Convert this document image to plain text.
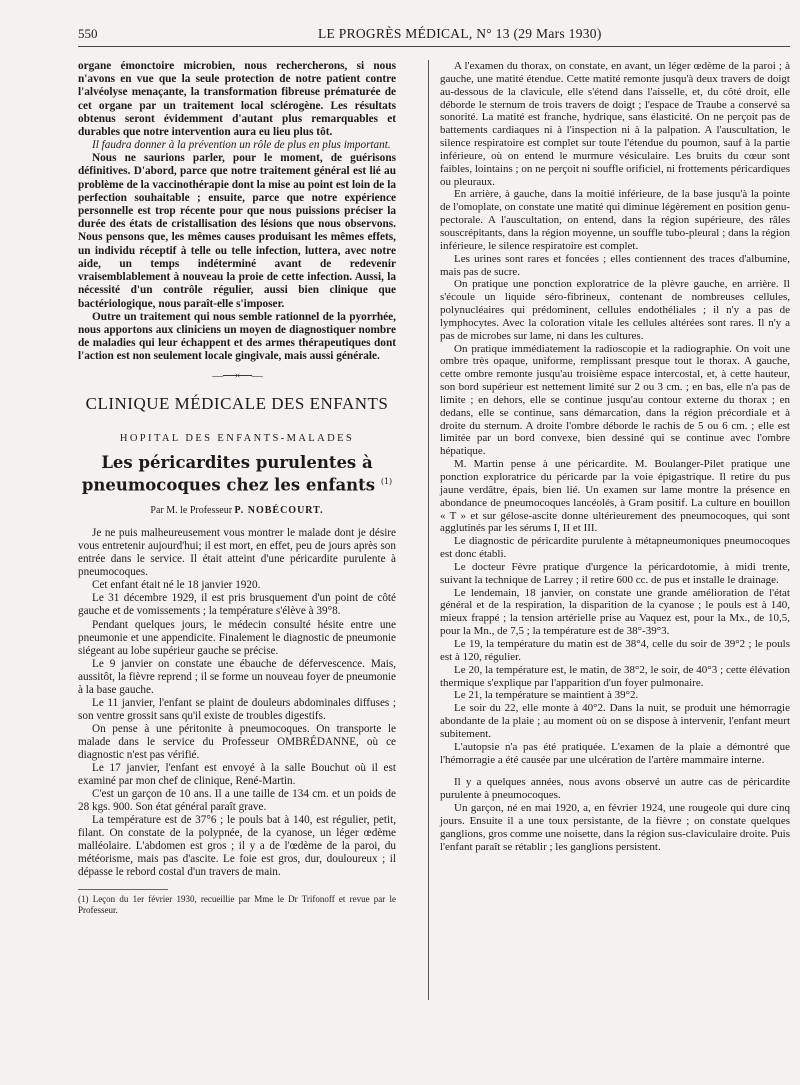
550	LE PROGRÈS MÉDICAL, N° 13 (29 Mars 1930)

organe émonctoire microbien, nous rechercherons, si nous n'avons en vue que la seule protection de notre patient contre l'alvéolyse menaçante, la transformation fibreuse prématurée de cet organe par un traitement local sclérogène. Les résultats obtenus seront évidemment d'autant plus remarquables et durables que notre intervention aura eu lieu plus tôt.

Il faudra donner à la prévention un rôle de plus en plus important.

Nous ne saurions parler, pour le moment, de guérisons définitives. D'abord, parce que notre traitement général est lié au problème de la vaccinothérapie dont la mise au point est loin de la perfection souhaitable ; ensuite, parce que notre expérience personnelle est trop récente pour que nous puissions préciser la durée des états de cristallisation des lésions que nous observons. Nous pensons que, les mêmes causes produisant les mêmes effets, un individu réceptif à telle ou telle infection, luttera, avec notre aide, un temps indéterminé avant de redevenir vraisemblablement à nouveau la proie de cette infection. Aussi, la nécessité d'un contrôle régulier, aussi bien clinique que bactériologique, nous paraît-elle s'imposer.

Outre un traitement qui nous semble rationnel de la pyorrhée, nous apportons aux cliniciens un moyen de diagnostiquer nombre de maladies qui leur échappent et des armes thérapeutiques dont l'action est non seulement locale gingivale, mais aussi générale.

—⟶⟵—
CLINIQUE MÉDICALE DES ENFANTS
HOPITAL DES ENFANTS-MALADES
Les péricardites purulentes à pneumocoques chez les enfants $^{(1)}$
Par M. le Professeur P. NOBÉCOURT.

Je ne puis malheureusement vous montrer le malade dont je désire vous entretenir aujourd'hui; il est mort, en effet, peu de jours après son entrée dans le service. Il était atteint d'une péricardite purulente à pneumocoques.

Cet enfant était né le 18 janvier 1920.

Le 31 décembre 1929, il est pris brusquement d'un point de côté gauche et de vomissements ; la température s'élève à 39°8.

Pendant quelques jours, le médecin consulté hésite entre une pneumonie et une appendicite. Finalement le diagnostic de pneumonie siégeant au lobe supérieur gauche se précise.

Le 9 janvier on constate une ébauche de défervescence. Mais, aussitôt, la fièvre reprend ; il se forme un nouveau foyer de pneumonie à la base gauche.

Le 11 janvier, l'enfant se plaint de douleurs abdominales diffuses ; son ventre grossit sans qu'il existe de troubles digestifs.

On pense à une péritonite à pneumocoques. On transporte le malade dans le service du Professeur OMBRÉDANNE, où ce diagnostic n'est pas vérifié.

Le 17 janvier, l'enfant est envoyé à la salle Bouchut où il est examiné par mon chef de clinique, René-Martin.

C'est un garçon de 10 ans. Il a une taille de 134 cm. et un poids de 28 kgs. 900. Son état général paraît grave.

La température est de 37°6 ; le pouls bat à 140, est régulier, petit, filant. On constate de la polypnée, de la cyanose, un léger œdème malléolaire. L'abdomen est gros ; il y a de l'œdème de la paroi, du météorisme, mais pas d'ascite. Le foie est gros, dur, douloureux ; il dépasse le rebord costal d'un travers de main.

(1) Leçon du 1er février 1930, recueillie par Mme le Dr Trifonoff et revue par le Professeur.

A l'examen du thorax, on constate, en avant, un léger œdème de la paroi ; à gauche, une matité étendue. Cette matité remonte jusqu'à deux travers de doigt au-dessous de la clavicule, elle s'étend dans l'aisselle, et, du côté droit, elle déborde le sternum de trois travers de doigt ; l'espace de Traube a conservé sa sonorité. La matité est franche, hydrique, sans élasticité. On ne perçoit pas de battements cardiaques ni à l'inspection ni à la palpation. A l'auscultation, le silence respiratoire est complet sur toute l'étendue du poumon, sauf à la partie inférieure, où on entend le murmure vésiculaire. Les bruits du cœur sont faibles, lointains ; on ne perçoit ni souffle orificiel, ni frottements péricardiques ou pleuraux.

En arrière, à gauche, dans la moitié inférieure, de la base jusqu'à la pointe de l'omoplate, on constate une matité qui diminue légèrement en position genu-pectorale. A l'auscultation, on entend, dans la région supérieure, des râles souscrépitants, dans la région moyenne, un souffle tubo-pleural ; dans la région inférieure, le silence respiratoire est complet.

Les urines sont rares et foncées ; elles contiennent des traces d'albumine, mais pas de sucre.

On pratique une ponction exploratrice de la plèvre gauche, en arrière. Il s'écoule un liquide séro-fibrineux, contenant de nombreuses cellules, polynucléaires qui prédominent, cellules endothéliales ; il n'y a pas de lymphocytes. Avec la coloration vitale les cellules altérées sont rares. Il n'y a pas de microbes sur lame, ni dans les cultures.

On pratique immédiatement la radioscopie et la radiographie. On voit une ombre très opaque, uniforme, remplissant presque tout le thorax. A gauche, cette ombre remonte jusqu'au troisième espace intercostal, et, à cette hauteur, son bord supérieur est nettement limité sur 2 ou 3 cm. ; en bas, elle n'a pas de limite ; en dehors, elle se continue jusqu'au contour externe du thorax ; en dedans, elle se continue, sans démarcation, dans la région précordiale et à droite du sternum. A droite l'ombre déborde le rachis de 5 ou 6 cm. ; elle est limitée par un bord convexe, bien dessiné qui se continue avec l'ombre hépatique.

M. Martin pense à une péricardite. M. Boulanger-Pilet pratique une ponction exploratrice du péricarde par la voie épigastrique. Il retire du pus jaune verdâtre, épais, bien lié. Un examen sur lame montre la présence en abondance de pneumocoques lancéolés, à Gram positif. La culture en bouillon « T » et sur gélose-ascite donne ultérieurement des pneumocoques, qui sont agglutinés par les sérums I, II et III.

Le diagnostic de péricardite purulente à métapneumoniques pneumocoques est donc établi.

Le docteur Fèvre pratique d'urgence la péricardotomie, à midi trente, suivant la technique de Larrey ; il retire 600 cc. de pus et installe le drainage.

Le lendemain, 18 janvier, on constate une grande amélioration de l'état général et de la respiration, la disparition de la cyanose ; le pouls est à 140, mieux frappé ; la tension artérielle prise au Vaquez est, pour la Mx., de 10,5, pour la Mn., de 7,5 ; la température est de 38°-39°3.

Le 19, la température du matin est de 38°4, celle du soir de 39°2 ; le pouls est à 120, régulier.

Le 20, la température est, le matin, de 38°2, le soir, de 40°3 ; cette élévation thermique s'explique par l'apparition d'un foyer pulmonaire.

Le 21, la température se maintient à 39°2.

Le soir du 22, elle monte à 40°2. Dans la nuit, se produit une hémorragie abondante de la plaie ; au moment où on se dispose à intervenir, l'enfant meurt subitement.

L'autopsie n'a pas été pratiquée. L'examen de la plaie a démontré que l'hémorragie a été causée par une ulcération de l'artère mammaire interne.

Il y a quelques années, nous avons observé un autre cas de péricardite purulente à pneumocoques.

Un garçon, né en mai 1920, a, en février 1924, une rougeole qui dure cinq jours. Ensuite il a une toux persistante, de la fièvre ; on constate quelques ganglions, gros comme une noisette, dans la région sus-claviculaire droite. Puis l'enfant paraît se rétablir ; les ganglions persistent.
